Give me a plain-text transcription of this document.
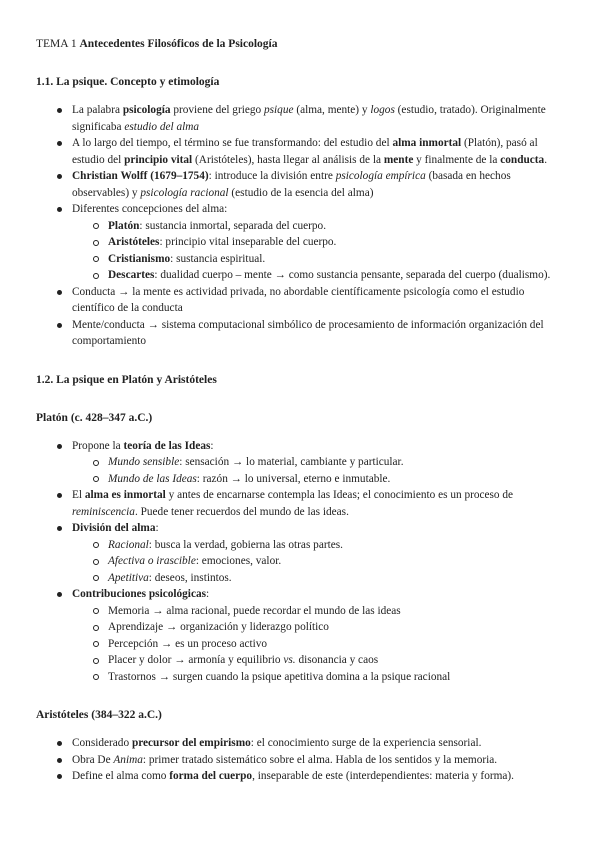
TEMA 1 Antecedentes Filosóficos de la Psicología

1.1. La psique. Concepto y etimología
La palabra psicología proviene del griego psique (alma, mente) y logos (estudio, tratado). Originalmente significaba estudio del alma
A lo largo del tiempo, el término se fue transformando: del estudio del alma inmortal (Platón), pasó al estudio del principio vital (Aristóteles), hasta llegar al análisis de la mente y finalmente de la conducta.
Christian Wolff (1679–1754): introduce la división entre psicología empírica (basada en hechos observables) y psicología racional (estudio de la esencia del alma)
Diferentes concepciones del alma:
Platón: sustancia inmortal, separada del cuerpo.
Aristóteles: principio vital inseparable del cuerpo.
Cristianismo: sustancia espiritual.
Descartes: dualidad cuerpo – mente → como sustancia pensante, separada del cuerpo (dualismo).
Conducta → la mente es actividad privada, no abordable científicamente psicología como el estudio científico de la conducta
Mente/conducta → sistema computacional simbólico de procesamiento de información organización del comportamiento
1.2. La psique en Platón y Aristóteles
Platón (c. 428–347 a.C.)
Propone la teoría de las Ideas:
Mundo sensible: sensación → lo material, cambiante y particular.
Mundo de las Ideas: razón → lo universal, eterno e inmutable.
El alma es inmortal y antes de encarnarse contempla las Ideas; el conocimiento es un proceso de reminiscencia. Puede tener recuerdos del mundo de las ideas.
División del alma:
Racional: busca la verdad, gobierna las otras partes.
Afectiva o irascible: emociones, valor.
Apetitiva: deseos, instintos.
Contribuciones psicológicas:
Memoria → alma racional, puede recordar el mundo de las ideas
Aprendizaje → organización y liderazgo político
Percepción → es un proceso activo
Placer y dolor → armonía y equilibrio vs. disonancia y caos
Trastornos → surgen cuando la psique apetitiva domina a la psique racional
Aristóteles (384–322 a.C.)
Considerado precursor del empirismo: el conocimiento surge de la experiencia sensorial.
Obra De Anima: primer tratado sistemático sobre el alma. Habla de los sentidos y la memoria.
Define el alma como forma del cuerpo, inseparable de este (interdependientes: materia y forma).
